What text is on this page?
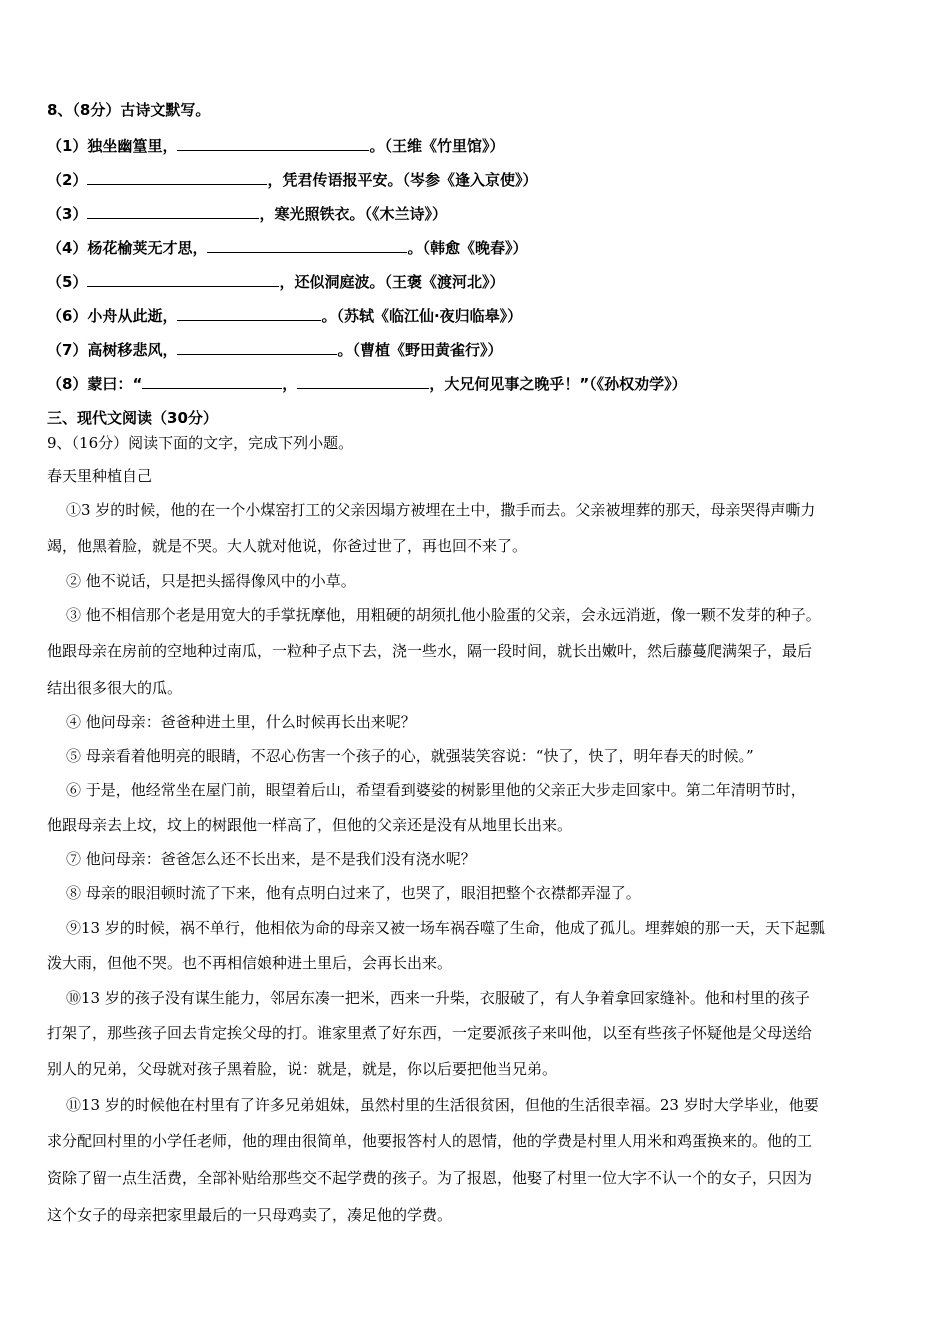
8、（8分）古诗文默写。
（1）独坐幽篁里，	。（王维《竹里馆》）
（2）	，凭君传语报平安。（岑参《逢入京使》）
（3）	，寒光照铁衣。（《木兰诗》）
（4）杨花榆荚无才思，	。（韩愈《晚春》）
（5）	，还似洞庭波。（王褒《渡河北》）
（6）小舟从此逝，	。（苏轼《临江仙·夜归临皋》）
（7）高树移悲风，	。（曹植《野田黄雀行》）
（8）蒙曰：“	，	，大兄何见事之晚乎！”（《孙权劝学》）
三、现代文阅读（30分）
9、（16分）阅读下面的文字，完成下列小题。
春天里种植自己
①3 岁的时候，他的在一个小煤窑打工的父亲因塌方被埋在土中，撒手而去。父亲被埋葬的那天，母亲哭得声嘶力
竭，他黑着脸，就是不哭。大人就对他说，你爸过世了，再也回不来了。
② 他不说话，只是把头摇得像风中的小草。
③ 他不相信那个老是用宽大的手掌抚摩他，用粗硬的胡须扎他小脸蛋的父亲，会永远消逝，像一颗不发芽的种子。
他跟母亲在房前的空地种过南瓜，一粒种子点下去，浇一些水，隔一段时间，就长出嫩叶，然后藤蔓爬满架子，最后
结出很多很大的瓜。
④ 他问母亲：爸爸种进土里，什么时候再长出来呢？
⑤ 母亲看着他明亮的眼睛，不忍心伤害一个孩子的心，就强装笑容说：“快了，快了，明年春天的时候。”
⑥ 于是，他经常坐在屋门前，眼望着后山，希望看到婆娑的树影里他的父亲正大步走回家中。第二年清明节时，
他跟母亲去上坟，坟上的树跟他一样高了，但他的父亲还是没有从地里长出来。
⑦ 他问母亲：爸爸怎么还不长出来，是不是我们没有浇水呢？
⑧ 母亲的眼泪顿时流了下来，他有点明白过来了，也哭了，眼泪把整个衣襟都弄湿了。
⑨13 岁的时候，祸不单行，他相依为命的母亲又被一场车祸吞噬了生命，他成了孤儿。埋葬娘的那一天，天下起瓢
泼大雨，但他不哭。也不再相信娘种进土里后，会再长出来。
⑩13 岁的孩子没有谋生能力，邻居东凑一把米，西来一升柴，衣服破了，有人争着拿回家缝补。他和村里的孩子
打架了，那些孩子回去肯定挨父母的打。谁家里煮了好东西，一定要派孩子来叫他，以至有些孩子怀疑他是父母送给
别人的兄弟，父母就对孩子黑着脸，说：就是，就是，你以后要把他当兄弟。
⑪13 岁的时候他在村里有了许多兄弟姐妹，虽然村里的生活很贫困，但他的生活很幸福。23 岁时大学毕业，他要
求分配回村里的小学任老师，他的理由很简单，他要报答村人的恩情，他的学费是村里人用米和鸡蛋换来的。他的工
资除了留一点生活费，全部补贴给那些交不起学费的孩子。为了报恩，他娶了村里一位大字不认一个的女子，只因为
这个女子的母亲把家里最后的一只母鸡卖了，凑足他的学费。
